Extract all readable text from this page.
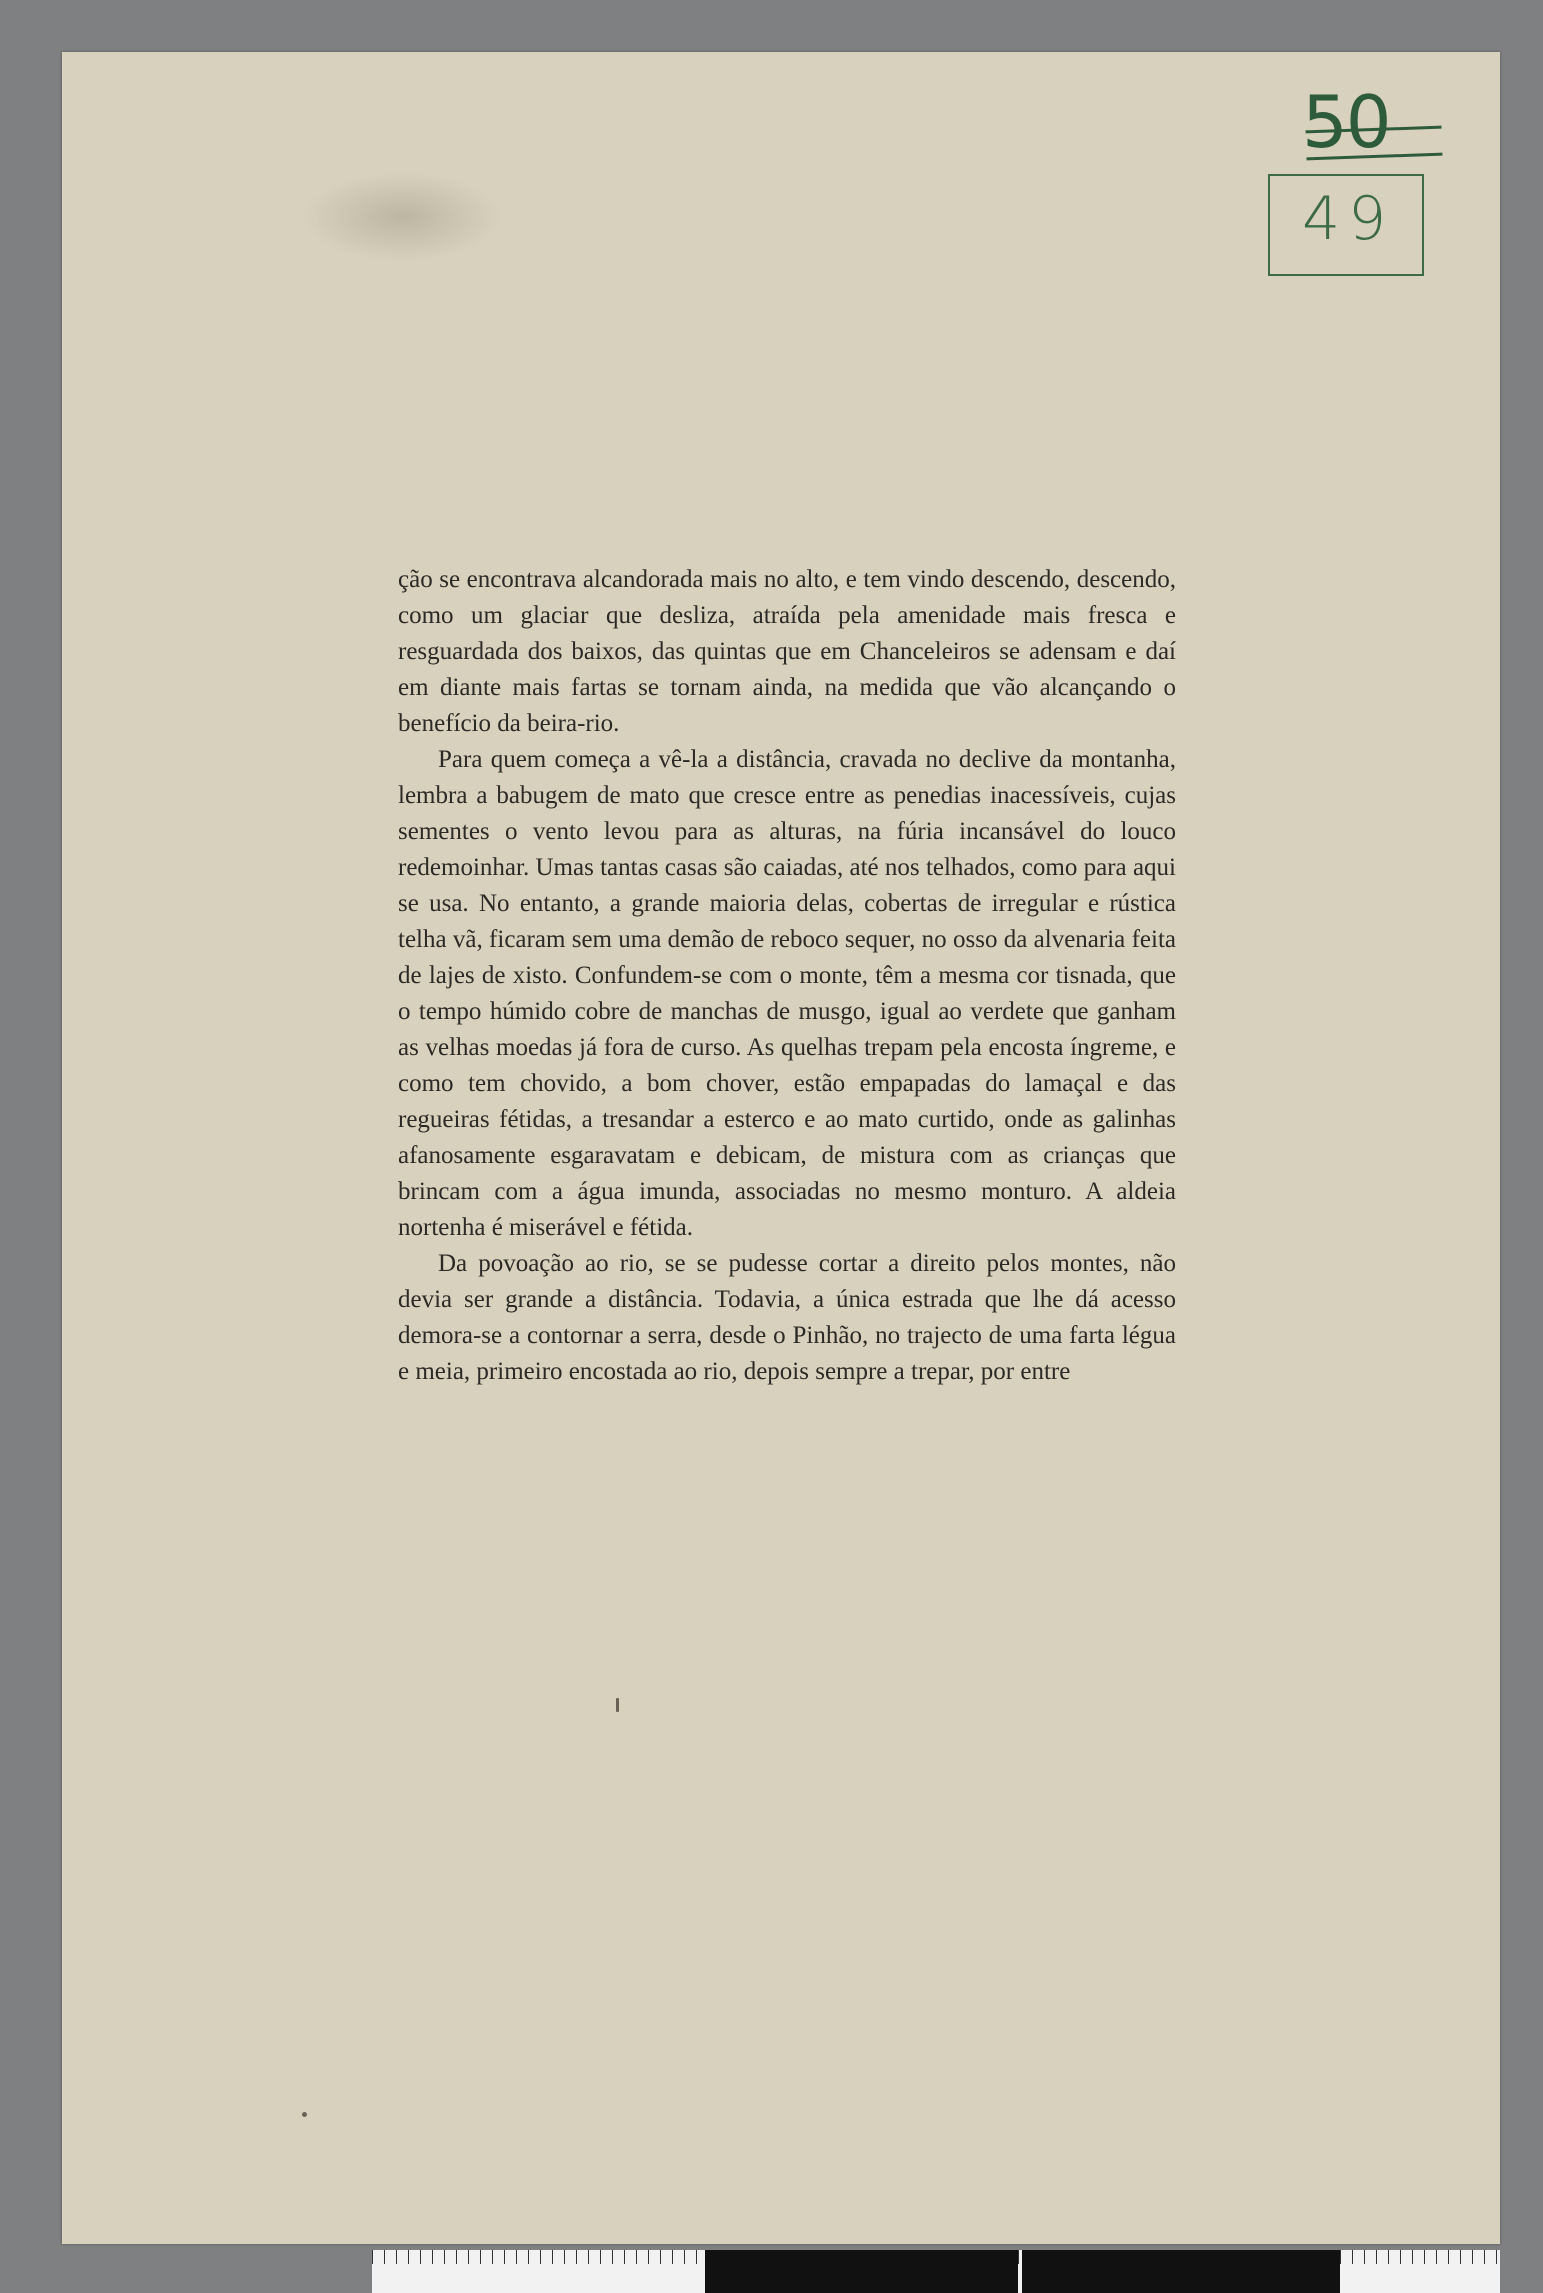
50
49

ção se encontrava alcandorada mais no alto, e tem vindo descendo, descendo, como um glaciar que desliza, atraída pela amenidade mais fresca e resguardada dos baixos, das quintas que em Chanceleiros se adensam e daí em diante mais fartas se tornam ainda, na medida que vão alcançando o benefício da beira-rio.

Para quem começa a vê-la a distância, cravada no declive da montanha, lembra a babugem de mato que cresce entre as penedias inacessíveis, cujas sementes o vento levou para as alturas, na fúria incansável do louco redemoinhar. Umas tantas casas são caiadas, até nos telhados, como para aqui se usa. No entanto, a grande maioria delas, cobertas de irregular e rústica telha vã, ficaram sem uma demão de reboco sequer, no osso da alvenaria feita de lajes de xisto. Confundem-se com o monte, têm a mesma cor tisnada, que o tempo húmido cobre de manchas de musgo, igual ao verdete que ganham as velhas moedas já fora de curso. As quelhas trepam pela encosta íngreme, e como tem chovido, a bom chover, estão empapadas do lamaçal e das regueiras fétidas, a tresandar a esterco e ao mato curtido, onde as galinhas afanosamente esgaravatam e debicam, de mistura com as crianças que brincam com a água imunda, associadas no mesmo monturo. A aldeia nortenha é miserável e fétida.

Da povoação ao rio, se se pudesse cortar a direito pelos montes, não devia ser grande a distância. Todavia, a única estrada que lhe dá acesso demora-se a contornar a serra, desde o Pinhão, no trajecto de uma farta légua e meia, primeiro encostada ao rio, depois sempre a trepar, por entre
